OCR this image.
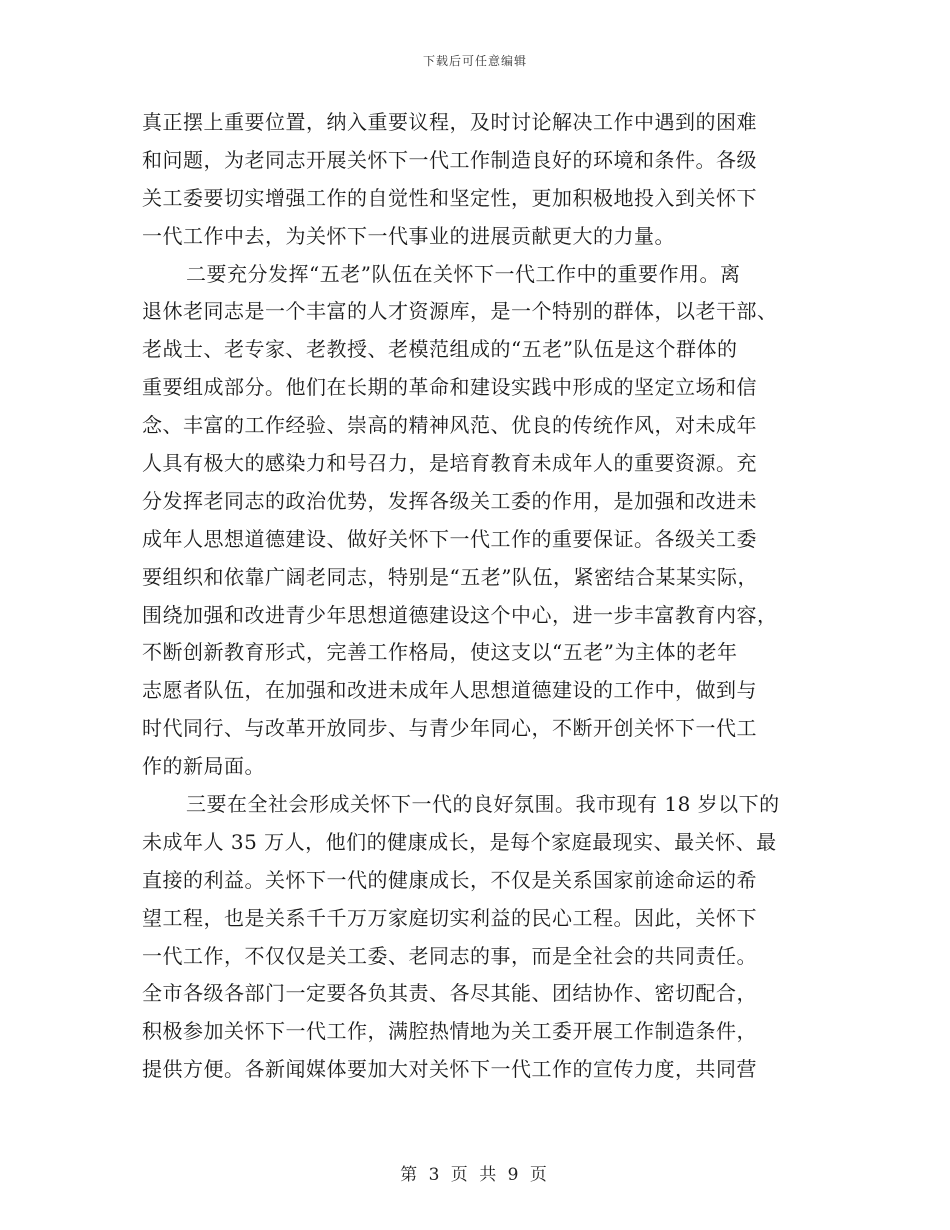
下载后可任意编辑
真正摆上重要位置，纳入重要议程，及时讨论解决工作中遇到的困难
和问题，为老同志开展关怀下一代工作制造良好的环境和条件。各级
关工委要切实增强工作的自觉性和坚定性，更加积极地投入到关怀下
一代工作中去，为关怀下一代事业的进展贡献更大的力量。
二要充分发挥“五老”队伍在关怀下一代工作中的重要作用。离
退休老同志是一个丰富的人才资源库，是一个特别的群体，以老干部、
老战士、老专家、老教授、老模范组成的“五老”队伍是这个群体的
重要组成部分。他们在长期的革命和建设实践中形成的坚定立场和信
念、丰富的工作经验、崇高的精神风范、优良的传统作风，对未成年
人具有极大的感染力和号召力，是培育教育未成年人的重要资源。充
分发挥老同志的政治优势，发挥各级关工委的作用，是加强和改进未
成年人思想道德建设、做好关怀下一代工作的重要保证。各级关工委
要组织和依靠广阔老同志，特别是“五老”队伍，紧密结合某某实际，
围绕加强和改进青少年思想道德建设这个中心，进一步丰富教育内容，
不断创新教育形式，完善工作格局，使这支以“五老”为主体的老年
志愿者队伍，在加强和改进未成年人思想道德建设的工作中，做到与
时代同行、与改革开放同步、与青少年同心，不断开创关怀下一代工
作的新局面。
三要在全社会形成关怀下一代的良好氛围。我市现有 18 岁以下的
未成年人 35 万人，他们的健康成长，是每个家庭最现实、最关怀、最
直接的利益。关怀下一代的健康成长，不仅是关系国家前途命运的希
望工程，也是关系千千万万家庭切实利益的民心工程。因此，关怀下
一代工作，不仅仅是关工委、老同志的事，而是全社会的共同责任。
全市各级各部门一定要各负其责、各尽其能、团结协作、密切配合，
积极参加关怀下一代工作，满腔热情地为关工委开展工作制造条件，
提供方便。各新闻媒体要加大对关怀下一代工作的宣传力度，共同营
第 3 页 共 9 页
